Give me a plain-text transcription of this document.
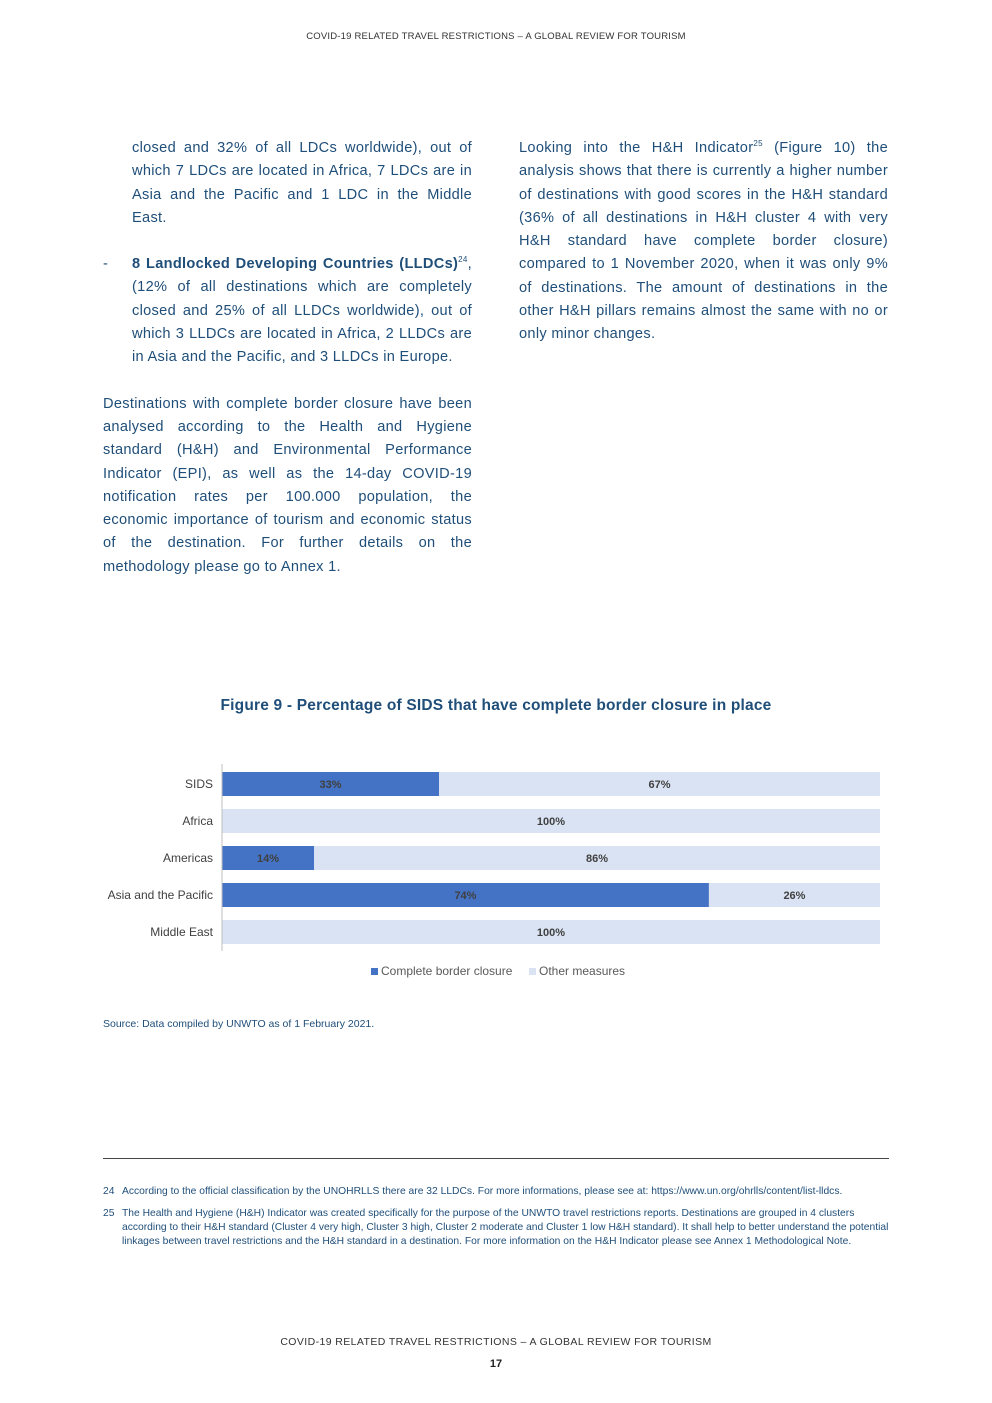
COVID-19 RELATED TRAVEL RESTRICTIONS – A GLOBAL REVIEW FOR TOURISM

closed and 32% of all LDCs worldwide), out of which 7 LDCs are located in Africa, 7 LDCs are in Asia and the Pacific and 1 LDC in the Middle East.

- 8 Landlocked Developing Countries (LLDCs)$^{24}$, (12% of all destinations which are completely closed and 25% of all LLDCs worldwide), out of which 3 LLDCs are located in Africa, 2 LLDCs are in Asia and the Pacific, and 3 LLDCs in Europe.

Destinations with complete border closure have been analysed according to the Health and Hygiene standard (H&H) and Environmental Performance Indicator (EPI), as well as the 14-day COVID-19 notification rates per 100.000 population, the economic importance of tourism and economic status of the destination. For further details on the methodology please go to Annex 1.

Looking into the H&H Indicator$^{25}$ (Figure 10) the analysis shows that there is currently a higher number of destinations with good scores in the H&H standard (36% of all destinations in H&H cluster 4 with very H&H standard have complete border closure) compared to 1 November 2020, when it was only 9% of destinations. The amount of destinations in the other H&H pillars remains almost the same with no or only minor changes.

Figure 9 - Percentage of SIDS that have complete border closure in place
SIDS	33%	67%
Africa	100%
Americas	14%	86%
Asia and the Pacific	74%	26%
Middle East	100%
Complete border closure Other measures
Source: Data compiled by UNWTO as of 1 February 2021.

24 According to the official classification by the UNOHRLLS there are 32 LLDCs. For more informations, please see at: https://www.un.org/ohrlls/content/list-lldcs.

25 The Health and Hygiene (H&H) Indicator was created specifically for the purpose of the UNWTO travel restrictions reports. Destinations are grouped in 4 clusters according to their H&H standard (Cluster 4 very high, Cluster 3 high, Cluster 2 moderate and Cluster 1 low H&H standard). It shall help to better understand the potential linkages between travel restrictions and the H&H standard in a destination. For more information on the H&H Indicator please see Annex 1 Methodological Note.

COVID-19 RELATED TRAVEL RESTRICTIONS – A GLOBAL REVIEW FOR TOURISM
17
